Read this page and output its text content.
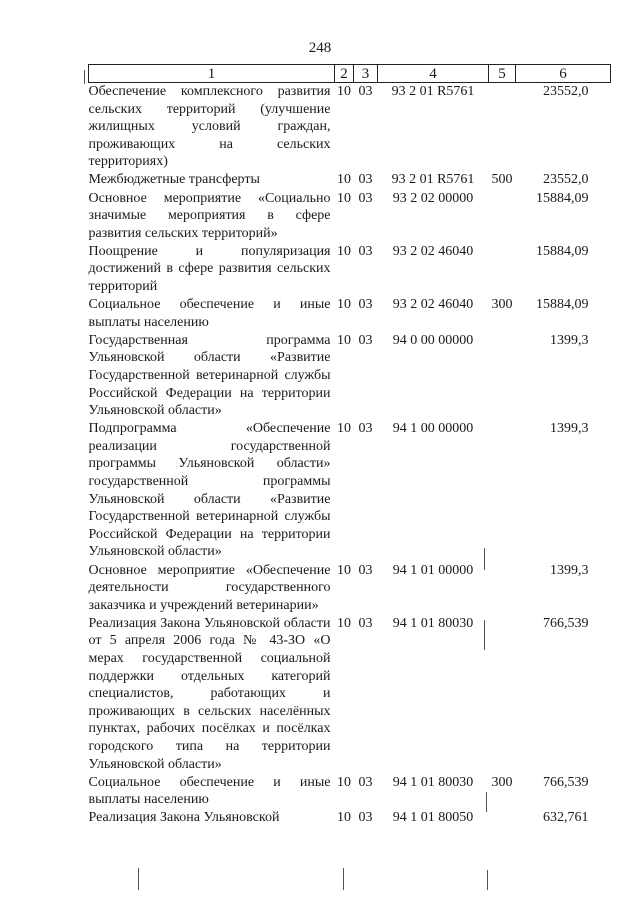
248
1	2	3	4	5	6
Обеспечение комплексного развития сельских территорий (улучшение жилищных условий граждан, проживающих на сельских территориях)	10	03	93 2 01 R5761		23552,0
Межбюджетные трансферты	10	03	93 2 01 R5761	500	23552,0
Основное мероприятие «Социально значимые мероприятия в сфере развития сельских территорий»	10	03	93 2 02 00000		15884,09
Поощрение и популяризация достижений в сфере развития сельских территорий	10	03	93 2 02 46040		15884,09
Социальное обеспечение и иные выплаты населению	10	03	93 2 02 46040	300	15884,09
Государственная программа Ульяновской области «Развитие Государственной ветеринарной службы Российской Федерации на территории Ульяновской области»	10	03	94 0 00 00000		1399,3
Подпрограмма «Обеспечение реализации государственной программы Ульяновской области» государственной программы Ульяновской области «Развитие Государственной ветеринарной службы Российской Федерации на территории Ульяновской области»	10	03	94 1 00 00000		1399,3
Основное мероприятие «Обеспечение деятельности государственного заказчика и учреждений ветеринарии»	10	03	94 1 01 00000		1399,3
Реализация Закона Ульяновской области от 5 апреля 2006 года № 43-ЗО «О мерах государственной социальной поддержки отдельных категорий специалистов, работающих и проживающих в сельских населённых пунктах, рабочих посёлках и посёлках городского типа на территории Ульяновской области»	10	03	94 1 01 80030		766,539
Социальное обеспечение и иные выплаты населению	10	03	94 1 01 80030	300	766,539
Реализация Закона Ульяновской	10	03	94 1 01 80050		632,761
